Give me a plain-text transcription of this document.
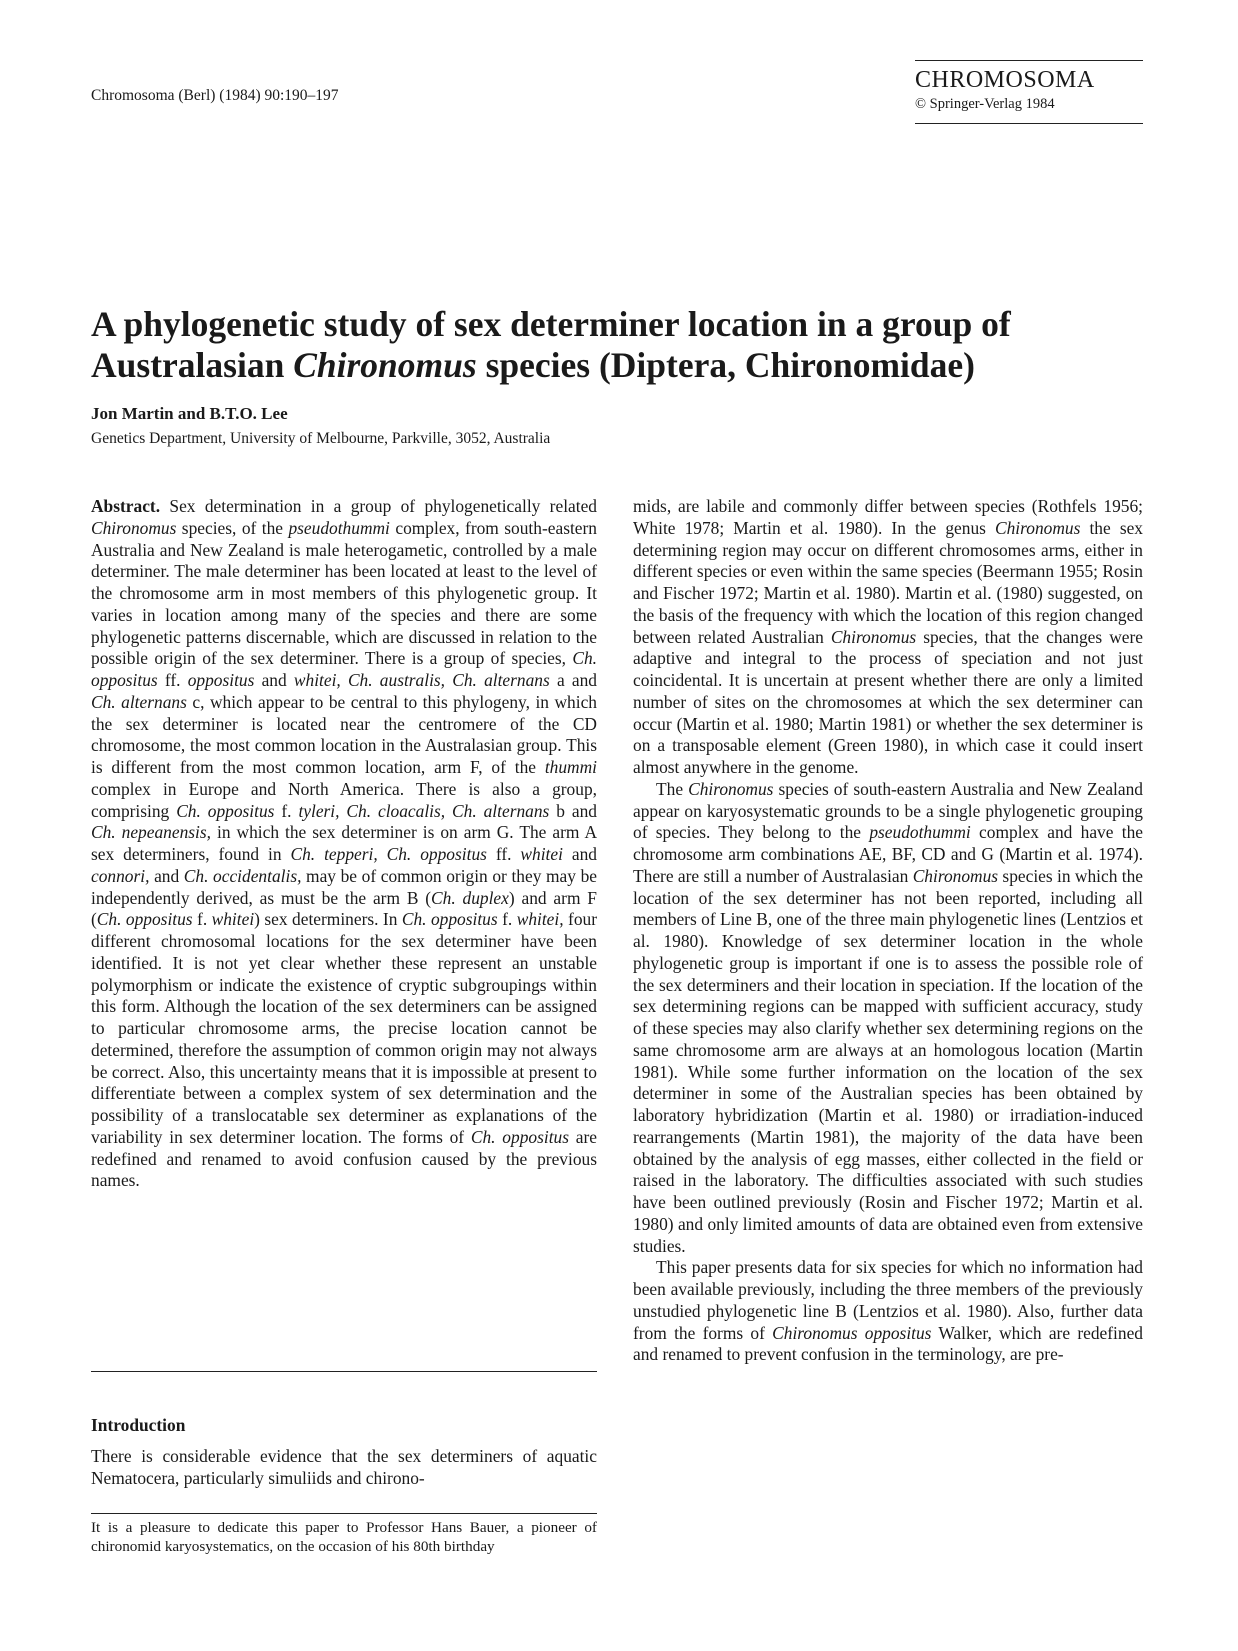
Chromosoma (Berl) (1984) 90:190–197
CHROMOSOMA
© Springer-Verlag 1984
A phylogenetic study of sex determiner location in a group of Australasian Chironomus species (Diptera, Chironomidae)
Jon Martin and B.T.O. Lee
Genetics Department, University of Melbourne, Parkville, 3052, Australia

Abstract. Sex determination in a group of phylogenetically related Chironomus species, of the pseudothummi complex, from south-eastern Australia and New Zealand is male heterogametic, controlled by a male determiner. The male determiner has been located at least to the level of the chromosome arm in most members of this phylogenetic group. It varies in location among many of the species and there are some phylogenetic patterns discernable, which are discussed in relation to the possible origin of the sex determiner. There is a group of species, Ch. oppositus ff. oppositus and whitei, Ch. australis, Ch. alternans a and Ch. alternans c, which appear to be central to this phylogeny, in which the sex determiner is located near the centromere of the CD chromosome, the most common location in the Australasian group. This is different from the most common location, arm F, of the thummi complex in Europe and North America. There is also a group, comprising Ch. oppositus f. tyleri, Ch. cloacalis, Ch. alternans b and Ch. nepeanensis, in which the sex determiner is on arm G. The arm A sex determiners, found in Ch. tepperi, Ch. oppositus ff. whitei and connori, and Ch. occidentalis, may be of common origin or they may be independently derived, as must be the arm B (Ch. duplex) and arm F (Ch. oppositus f. whitei) sex determiners. In Ch. oppositus f. whitei, four different chromosomal locations for the sex determiner have been identified. It is not yet clear whether these represent an unstable polymorphism or indicate the existence of cryptic subgroupings within this form. Although the location of the sex determiners can be assigned to particular chromosome arms, the precise location cannot be determined, therefore the assumption of common origin may not always be correct. Also, this uncertainty means that it is impossible at present to differentiate between a complex system of sex determination and the possibility of a translocatable sex determiner as explanations of the variability in sex determiner location. The forms of Ch. oppositus are redefined and renamed to avoid confusion caused by the previous names.

Introduction

There is considerable evidence that the sex determiners of aquatic Nematocera, particularly simuliids and chirono-

It is a pleasure to dedicate this paper to Professor Hans Bauer, a pioneer of chironomid karyosystematics, on the occasion of his 80th birthday

mids, are labile and commonly differ between species (Rothfels 1956; White 1978; Martin et al. 1980). In the genus Chironomus the sex determining region may occur on different chromosomes arms, either in different species or even within the same species (Beermann 1955; Rosin and Fischer 1972; Martin et al. 1980). Martin et al. (1980) suggested, on the basis of the frequency with which the location of this region changed between related Australian Chironomus species, that the changes were adaptive and integral to the process of speciation and not just coincidental. It is uncertain at present whether there are only a limited number of sites on the chromosomes at which the sex determiner can occur (Martin et al. 1980; Martin 1981) or whether the sex determiner is on a transposable element (Green 1980), in which case it could insert almost anywhere in the genome.

The Chironomus species of south-eastern Australia and New Zealand appear on karyosystematic grounds to be a single phylogenetic grouping of species. They belong to the pseudothummi complex and have the chromosome arm combinations AE, BF, CD and G (Martin et al. 1974). There are still a number of Australasian Chironomus species in which the location of the sex determiner has not been reported, including all members of Line B, one of the three main phylogenetic lines (Lentzios et al. 1980). Knowledge of sex determiner location in the whole phylogenetic group is important if one is to assess the possible role of the sex determiners and their location in speciation. If the location of the sex determining regions can be mapped with sufficient accuracy, study of these species may also clarify whether sex determining regions on the same chromosome arm are always at an homologous location (Martin 1981). While some further information on the location of the sex determiner in some of the Australian species has been obtained by laboratory hybridization (Martin et al. 1980) or irradiation-induced rearrangements (Martin 1981), the majority of the data have been obtained by the analysis of egg masses, either collected in the field or raised in the laboratory. The difficulties associated with such studies have been outlined previously (Rosin and Fischer 1972; Martin et al. 1980) and only limited amounts of data are obtained even from extensive studies.

This paper presents data for six species for which no information had been available previously, including the three members of the previously unstudied phylogenetic line B (Lentzios et al. 1980). Also, further data from the forms of Chironomus oppositus Walker, which are redefined and renamed to prevent confusion in the terminology, are pre-
